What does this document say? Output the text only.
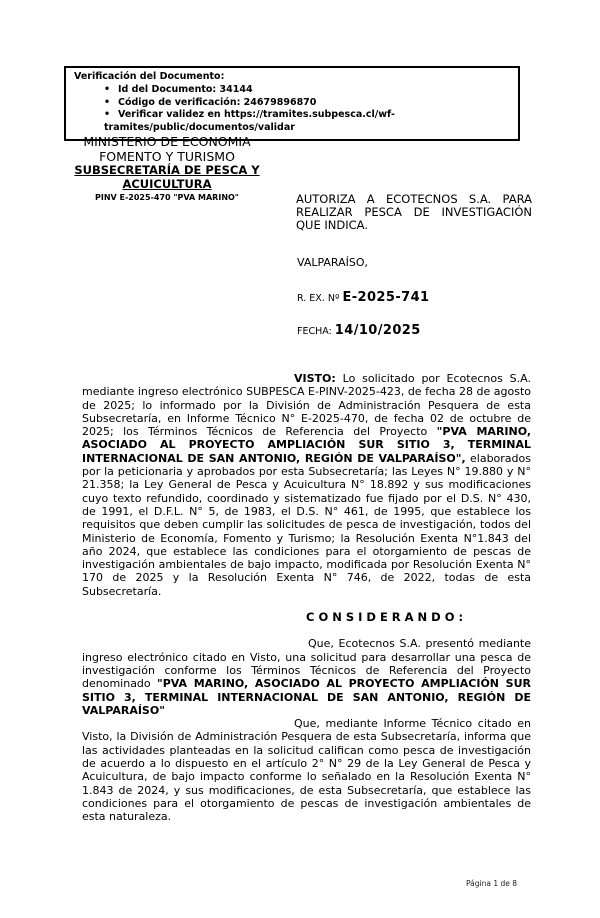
Verificación del Documento:
• Id del Documento: 34144
• Código de verificación: 24679896870
• Verificar validez en https://tramites.subpesca.cl/wf-tramites/public/documentos/validar
MINISTERIO DE ECONOMIA
FOMENTO Y TURISMO
SUBSECRETARÍA DE PESCA Y
ACUICULTURA
PINV E-2025-470 "PVA MARINO"	AUTORIZA A ECOTECNOS S.A. PARA REALIZAR PESCA DE INVESTIGACIÓN QUE INDICA.
VALPARAÍSO,
R. EX. Nº E-2025-741
FECHA: 14/10/2025

VISTO: Lo solicitado por Ecotecnos S.A. mediante ingreso electrónico SUBPESCA E-PINV-2025-423, de fecha 28 de agosto de 2025; lo informado por la División de Administración Pesquera de esta Subsecretaría, en Informe Técnico N° E-2025-470, de fecha 02 de octubre de 2025; los Términos Técnicos de Referencia del Proyecto "PVA MARINO, ASOCIADO AL PROYECTO AMPLIACIÓN SUR SITIO 3, TERMINAL INTERNACIONAL DE SAN ANTONIO, REGIÓN DE VALPARAÍSO", elaborados por la peticionaria y aprobados por esta Subsecretaría; las Leyes N° 19.880 y N° 21.358; la Ley General de Pesca y Acuicultura N° 18.892 y sus modificaciones cuyo texto refundido, coordinado y sistematizado fue fijado por el D.S. N° 430, de 1991, el D.F.L. N° 5, de 1983, el D.S. N° 461, de 1995, que establece los requisitos que deben cumplir las solicitudes de pesca de investigación, todos del Ministerio de Economía, Fomento y Turismo; la Resolución Exenta N°1.843 del año 2024, que establece las condiciones para el otorgamiento de pescas de investigación ambientales de bajo impacto, modificada por Resolución Exenta N° 170 de 2025 y la Resolución Exenta N° 746, de 2022, todas de esta Subsecretaría.

CONSIDERANDO:

Que, Ecotecnos S.A. presentó mediante ingreso electrónico citado en Visto, una solicitud para desarrollar una pesca de investigación conforme los Términos Técnicos de Referencia del Proyecto denominado "PVA MARINO, ASOCIADO AL PROYECTO AMPLIACIÓN SUR SITIO 3, TERMINAL INTERNACIONAL DE SAN ANTONIO, REGIÓN DE VALPARAÍSO"

Que, mediante Informe Técnico citado en Visto, la División de Administración Pesquera de esta Subsecretaría, informa que las actividades planteadas en la solicitud califican como pesca de investigación de acuerdo a lo dispuesto en el artículo 2° N° 29 de la Ley General de Pesca y Acuicultura, de bajo impacto conforme lo señalado en la Resolución Exenta N° 1.843 de 2024, y sus modificaciones, de esta Subsecretaría, que establece las condiciones para el otorgamiento de pescas de investigación ambientales de esta naturaleza.

Página 1 de 8
